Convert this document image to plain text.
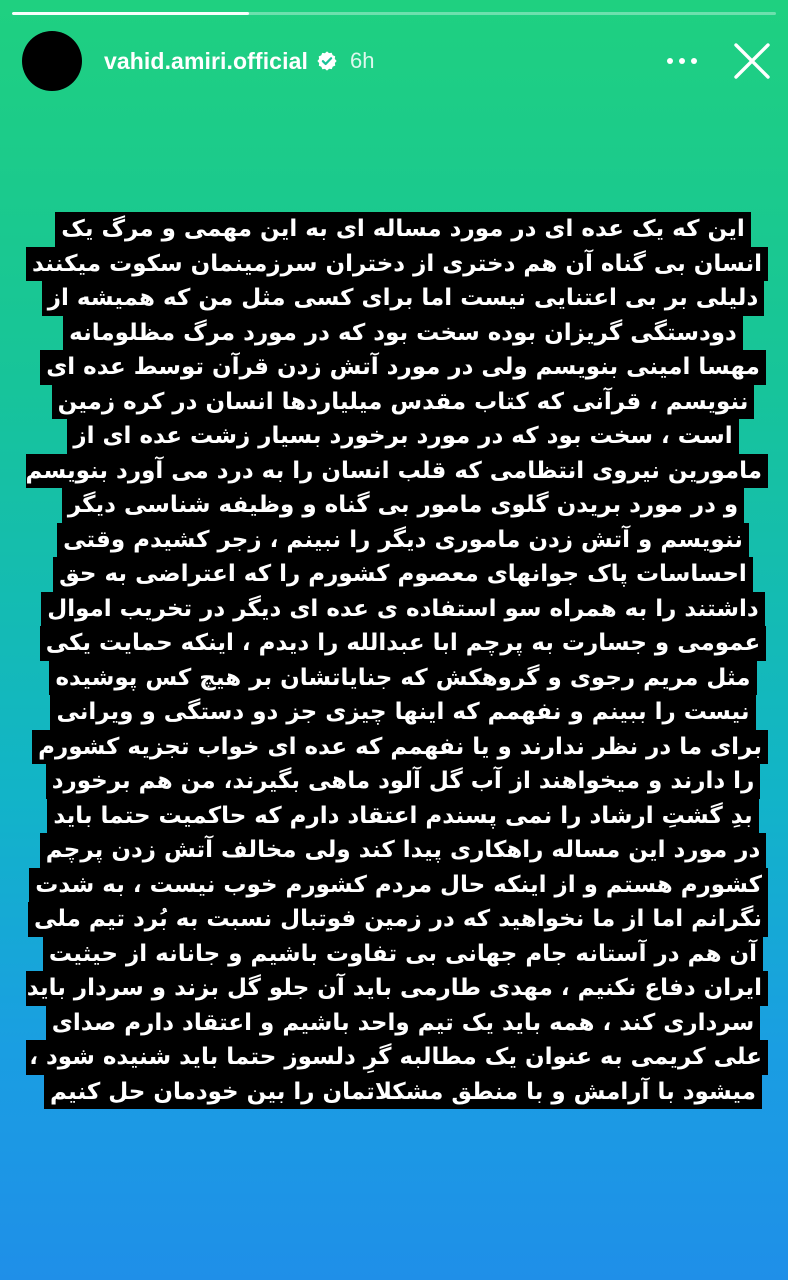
vahid.amiri.official 6h
این که یک عده ای در مورد مساله ای به این مهمی و مرگ یک
انسان بی گناه آن هم دختری از دختران سرزمینمان سکوت میکنند
دلیلی بر بی اعتنایی نیست اما برای کسی مثل من که همیشه از
دودستگی گریزان بوده سخت بود که در مورد مرگ مظلومانه
مهسا امینی بنویسم ولی در مورد آتش زدن قرآن توسط عده ای
ننویسم ، قرآنی که کتاب مقدس میلیاردها انسان در کره زمین
است ، سخت بود که در مورد برخورد بسیار زشت عده ای از
مامورین نیروی انتظامی که قلب انسان را به درد می آورد بنویسم
و در مورد بریدن گلوی مامور بی گناه و وظیفه شناسی دیگر
ننویسم و آتش زدن ماموری دیگر را نبینم ، زجر کشیدم وقتی
احساسات پاک جوانهای معصوم کشورم را که اعتراضی به حق
داشتند را به همراه سو استفاده ی عده ای دیگر در تخریب اموال
عمومی و جسارت به پرچم ابا عبدالله را دیدم ، اینکه حمایت یکی
مثل مریم رجوی و گروهکش که جنایاتشان بر هیچ کس پوشیده
نیست را ببینم و نفهمم که اینها چیزی جز دو دستگی و ویرانی
برای ما در نظر ندارند و یا نفهمم که عده ای خواب تجزیه کشورم
را دارند و میخواهند از آب گل آلود ماهی بگیرند، من هم برخورد
بدِ گشتِ ارشاد را نمی پسندم اعتقاد دارم که حاکمیت حتما باید
در مورد این مساله راهکاری پیدا کند ولی مخالف آتش زدن پرچم
کشورم هستم و از اینکه حال مردم کشورم خوب نیست ، به شدت
نگرانم اما از ما نخواهید که در زمین فوتبال نسبت به بُرد تیم ملی
آن هم در آستانه جام جهانی بی تفاوت باشیم و جانانه از حیثیت
ایران دفاع نکنیم ، مهدی طارمی باید آن جلو گل بزند و سردار باید
سرداری کند ، همه باید یک تیم واحد باشیم و اعتقاد دارم صدای
علی کریمی به عنوان یک مطالبه گرِ دلسوز حتما باید شنیده شود ،
میشود با آرامش و با منطق مشکلاتمان را بین خودمان حل کنیم
